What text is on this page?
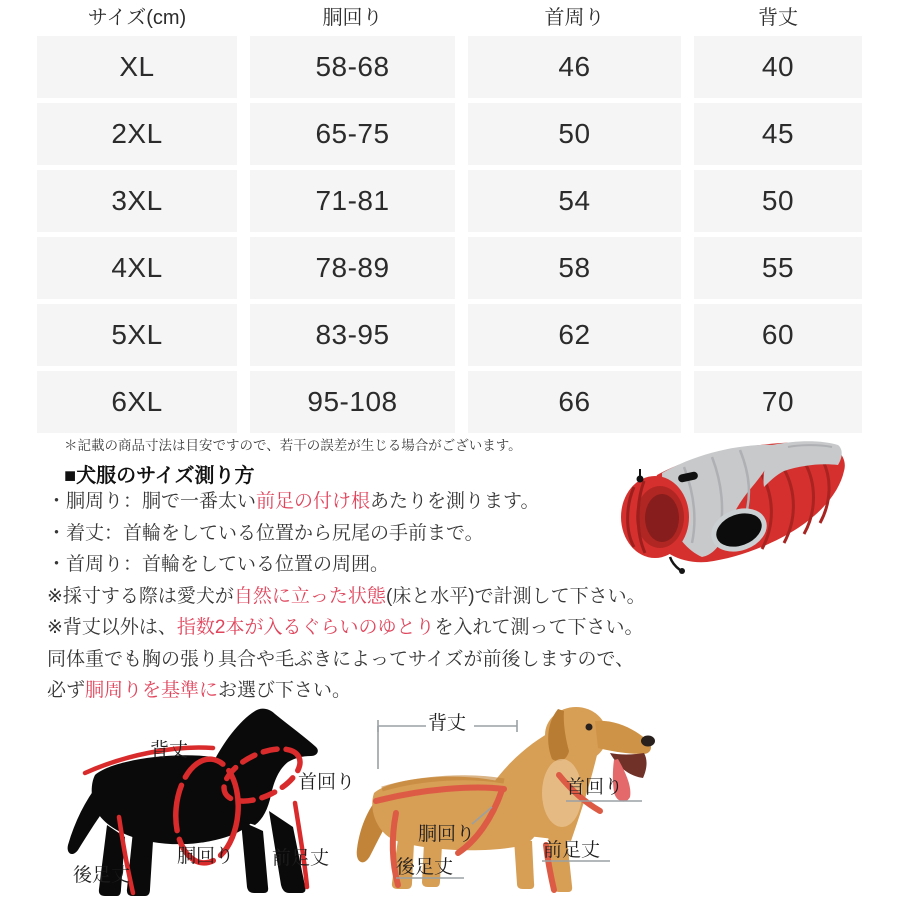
サイズ(cm)	胴回り	首周り	背丈
XL	58-68	46	40
2XL	65-75	50	45
3XL	71-81	54	50
4XL	78-89	58	55
5XL	83-95	62	60
6XL	95-108	66	70
＊記載の商品寸法は目安ですので、若干の誤差が生じる場合がございます。
■犬服のサイズ測り方
・胴周り：胴で一番太い前足の付け根あたりを測ります。
・着丈：首輪をしている位置から尻尾の手前まで。
・首周り：首輪をしている位置の周囲。
※採寸する際は愛犬が自然に立った状態(床と水平)で計測して下さい。
※背丈以外は、指数2本が入るぐらいのゆとりを入れて測って下さい。
同体重でも胸の張り具合や毛ぶきによってサイズが前後しますので、
必ず胴周りを基準にお選び下さい。
背丈
首回り
胴回り 前足丈
後足丈
背丈
首回り
胴回り
前足丈
後足丈
